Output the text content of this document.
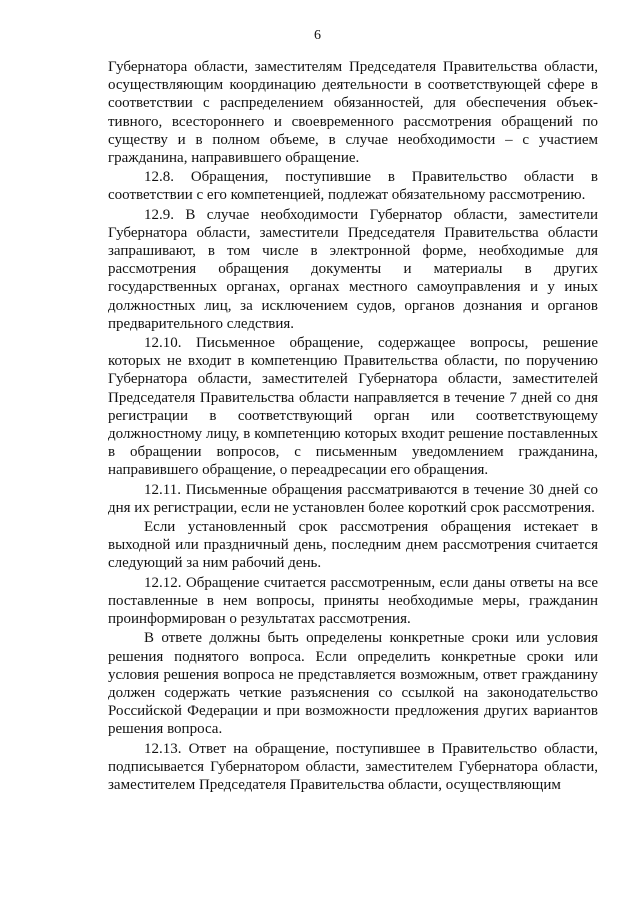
6

Губернатора области, заместителям Председателя Правительства области, осуществляющим координацию деятельности в соответствующей сфере в соответствии с распределением обязанностей, для обеспечения объек-тивного, всестороннего и своевременного рассмотрения обращений по существу и в полном объеме, в случае необходимости – с участием гражданина, направившего обращение.

12.8. Обращения, поступившие в Правительство области в соответствии с его компетенцией, подлежат обязательному рассмотрению.

12.9. В случае необходимости Губернатор области, заместители Губернатора области, заместители Председателя Правительства области запрашивают, в том числе в электронной форме, необходимые для рассмотрения обращения документы и материалы в других государственных органах, органах местного самоуправления и у иных должностных лиц, за исключением судов, органов дознания и органов предварительного следствия.

12.10. Письменное обращение, содержащее вопросы, решение которых не входит в компетенцию Правительства области, по поручению Губернатора области, заместителей Губернатора области, заместителей Председателя Правительства области направляется в течение 7 дней со дня регистрации в соответствующий орган или соответствующему должностному лицу, в компетенцию которых входит решение поставленных в обращении вопросов, с письменным уведомлением гражданина, направившего обращение, о переадресации его обращения.

12.11. Письменные обращения рассматриваются в течение 30 дней со дня их регистрации, если не установлен более короткий срок рассмотрения.

Если установленный срок рассмотрения обращения истекает в выходной или праздничный день, последним днем рассмотрения считается следующий за ним рабочий день.

12.12. Обращение считается рассмотренным, если даны ответы на все поставленные в нем вопросы, приняты необходимые меры, гражданин проинформирован о результатах рассмотрения.

В ответе должны быть определены конкретные сроки или условия решения поднятого вопроса. Если определить конкретные сроки или условия решения вопроса не представляется возможным, ответ гражданину должен содержать четкие разъяснения со ссылкой на законодательство Российской Федерации и при возможности предложения других вариантов решения вопроса.

12.13. Ответ на обращение, поступившее в Правительство области, подписывается Губернатором области, заместителем Губернатора области, заместителем Председателя Правительства области, осуществляющим
